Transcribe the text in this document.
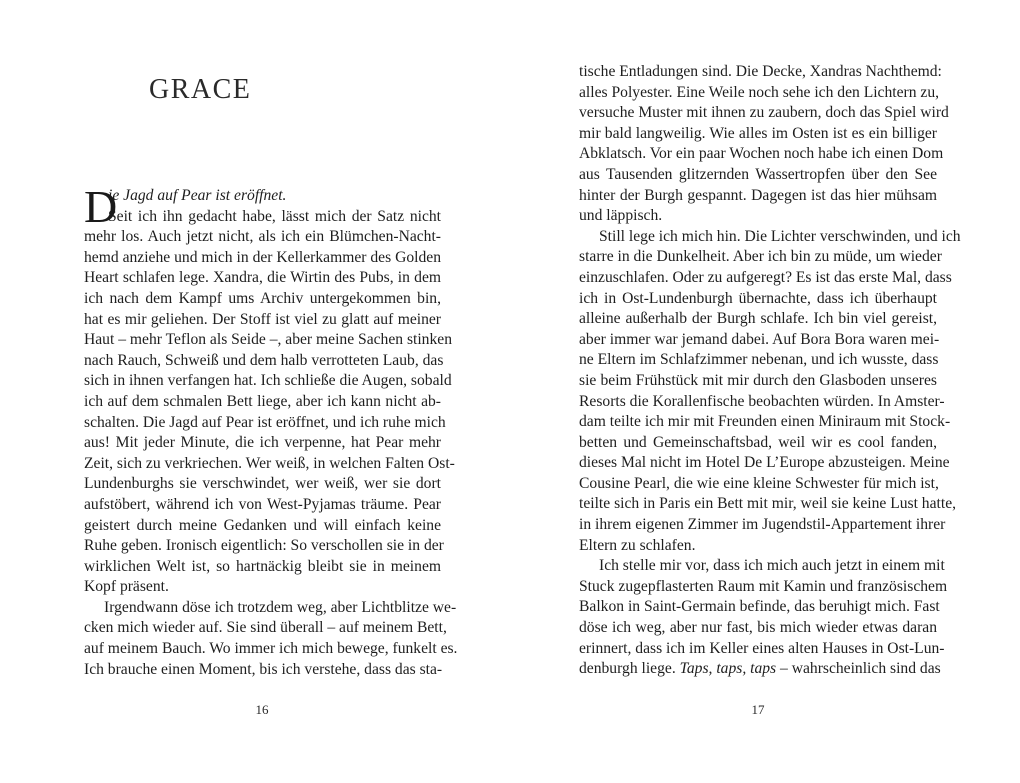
GRACE
D
ie Jagd auf Pear ist eröffnet.
Seit ich ihn gedacht habe, lässt mich der Satz nicht
mehr los. Auch jetzt nicht, als ich ein Blümchen-Nacht-
hemd anziehe und mich in der Kellerkammer des Golden
Heart schlafen lege. Xandra, die Wirtin des Pubs, in dem
ich nach dem Kampf ums Archiv untergekommen bin,
hat es mir geliehen. Der Stoff ist viel zu glatt auf meiner
Haut – mehr Teflon als Seide –, aber meine Sachen stinken
nach Rauch, Schweiß und dem halb verrotteten Laub, das
sich in ihnen verfangen hat. Ich schließe die Augen, sobald
ich auf dem schmalen Bett liege, aber ich kann nicht ab-
schalten. Die Jagd auf Pear ist eröffnet, und ich ruhe mich
aus! Mit jeder Minute, die ich verpenne, hat Pear mehr
Zeit, sich zu verkriechen. Wer weiß, in welchen Falten Ost-
Lundenburghs sie verschwindet, wer weiß, wer sie dort
aufstöbert, während ich von West-Pyjamas träume. Pear
geistert durch meine Gedanken und will einfach keine
Ruhe geben. Ironisch eigentlich: So verschollen sie in der
wirklichen Welt ist, so hartnäckig bleibt sie in meinem
Kopf präsent.
Irgendwann döse ich trotzdem weg, aber Lichtblitze we-
cken mich wieder auf. Sie sind überall – auf meinem Bett,
auf meinem Bauch. Wo immer ich mich bewege, funkelt es.
Ich brauche einen Moment, bis ich verstehe, dass das sta-
16
tische Entladungen sind. Die Decke, Xandras Nachthemd:
alles Polyester. Eine Weile noch sehe ich den Lichtern zu,
versuche Muster mit ihnen zu zaubern, doch das Spiel wird
mir bald langweilig. Wie alles im Osten ist es ein billiger
Abklatsch. Vor ein paar Wochen noch habe ich einen Dom
aus Tausenden glitzernden Wassertropfen über den See
hinter der Burgh gespannt. Dagegen ist das hier mühsam
und läppisch.
Still lege ich mich hin. Die Lichter verschwinden, und ich
starre in die Dunkelheit. Aber ich bin zu müde, um wieder
einzuschlafen. Oder zu aufgeregt? Es ist das erste Mal, dass
ich in Ost-Lundenburgh übernachte, dass ich überhaupt
alleine außerhalb der Burgh schlafe. Ich bin viel gereist,
aber immer war jemand dabei. Auf Bora Bora waren mei-
ne Eltern im Schlafzimmer nebenan, und ich wusste, dass
sie beim Frühstück mit mir durch den Glasboden unseres
Resorts die Korallenfische beobachten würden. In Amster-
dam teilte ich mir mit Freunden einen Miniraum mit Stock-
betten und Gemeinschaftsbad, weil wir es cool fanden,
dieses Mal nicht im Hotel De L’Europe abzusteigen. Meine
Cousine Pearl, die wie eine kleine Schwester für mich ist,
teilte sich in Paris ein Bett mit mir, weil sie keine Lust hatte,
in ihrem eigenen Zimmer im Jugendstil-Appartement ihrer
Eltern zu schlafen.
Ich stelle mir vor, dass ich mich auch jetzt in einem mit
Stuck zugepflasterten Raum mit Kamin und französischem
Balkon in Saint-Germain befinde, das beruhigt mich. Fast
döse ich weg, aber nur fast, bis mich wieder etwas daran
erinnert, dass ich im Keller eines alten Hauses in Ost-Lun-
denburgh liege. Taps, taps, taps – wahrscheinlich sind das
17
